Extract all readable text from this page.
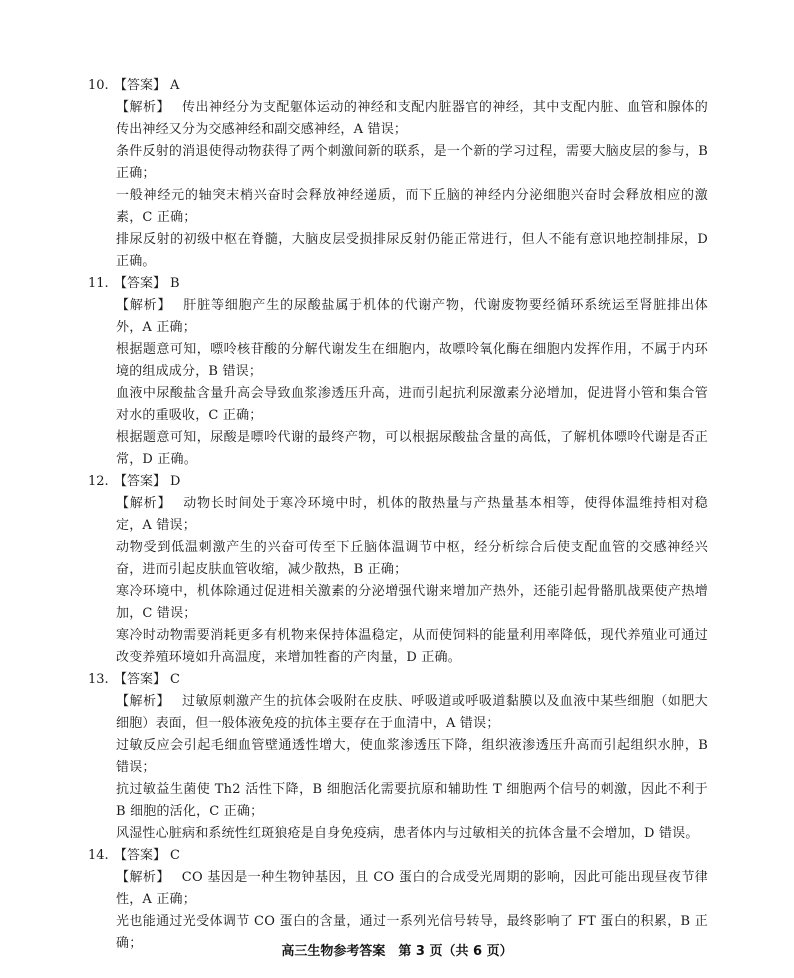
10. 【答案】 A
【解析】 传出神经分为支配躯体运动的神经和支配内脏器官的神经，其中支配内脏、血管和腺体的传出神经又分为交感神经和副交感神经，A 错误；
条件反射的消退使得动物获得了两个刺激间新的联系，是一个新的学习过程，需要大脑皮层的参与，B 正确；
一般神经元的轴突末梢兴奋时会释放神经递质，而下丘脑的神经内分泌细胞兴奋时会释放相应的激素，C 正确；
排尿反射的初级中枢在脊髓，大脑皮层受损排尿反射仍能正常进行，但人不能有意识地控制排尿，D 正确。
11. 【答案】 B
【解析】 肝脏等细胞产生的尿酸盐属于机体的代谢产物，代谢废物要经循环系统运至肾脏排出体外，A 正确；
根据题意可知，嘌呤核苷酸的分解代谢发生在细胞内，故嘌呤氧化酶在细胞内发挥作用，不属于内环境的组成成分，B 错误；
血液中尿酸盐含量升高会导致血浆渗透压升高，进而引起抗利尿激素分泌增加，促进肾小管和集合管对水的重吸收，C 正确；
根据题意可知，尿酸是嘌呤代谢的最终产物，可以根据尿酸盐含量的高低，了解机体嘌呤代谢是否正常，D 正确。
12. 【答案】 D
【解析】 动物长时间处于寒冷环境中时，机体的散热量与产热量基本相等，使得体温维持相对稳定，A 错误；
动物受到低温刺激产生的兴奋可传至下丘脑体温调节中枢，经分析综合后使支配血管的交感神经兴奋，进而引起皮肤血管收缩，减少散热，B 正确；
寒冷环境中，机体除通过促进相关激素的分泌增强代谢来增加产热外，还能引起骨骼肌战栗使产热增加，C 错误；
寒冷时动物需要消耗更多有机物来保持体温稳定，从而使饲料的能量利用率降低，现代养殖业可通过改变养殖环境如升高温度，来增加牲畜的产肉量，D 正确。
13. 【答案】 C
【解析】 过敏原刺激产生的抗体会吸附在皮肤、呼吸道或呼吸道黏膜以及血液中某些细胞（如肥大细胞）表面，但一般体液免疫的抗体主要存在于血清中，A 错误；
过敏反应会引起毛细血管壁通透性增大，使血浆渗透压下降，组织液渗透压升高而引起组织水肿，B 错误；
抗过敏益生菌使 Th2 活性下降，B 细胞活化需要抗原和辅助性 T 细胞两个信号的刺激，因此不利于 B 细胞的活化，C 正确；
风湿性心脏病和系统性红斑狼疮是自身免疫病，患者体内与过敏相关的抗体含量不会增加，D 错误。
14. 【答案】 C
【解析】 CO 基因是一种生物钟基因，且 CO 蛋白的合成受光周期的影响，因此可能出现昼夜节律性，A 正确；
光也能通过光受体调节 CO 蛋白的含量，通过一系列光信号转导，最终影响了 FT 蛋白的积累，B 正确；
高三生物参考答案　第 3 页（共 6 页）
